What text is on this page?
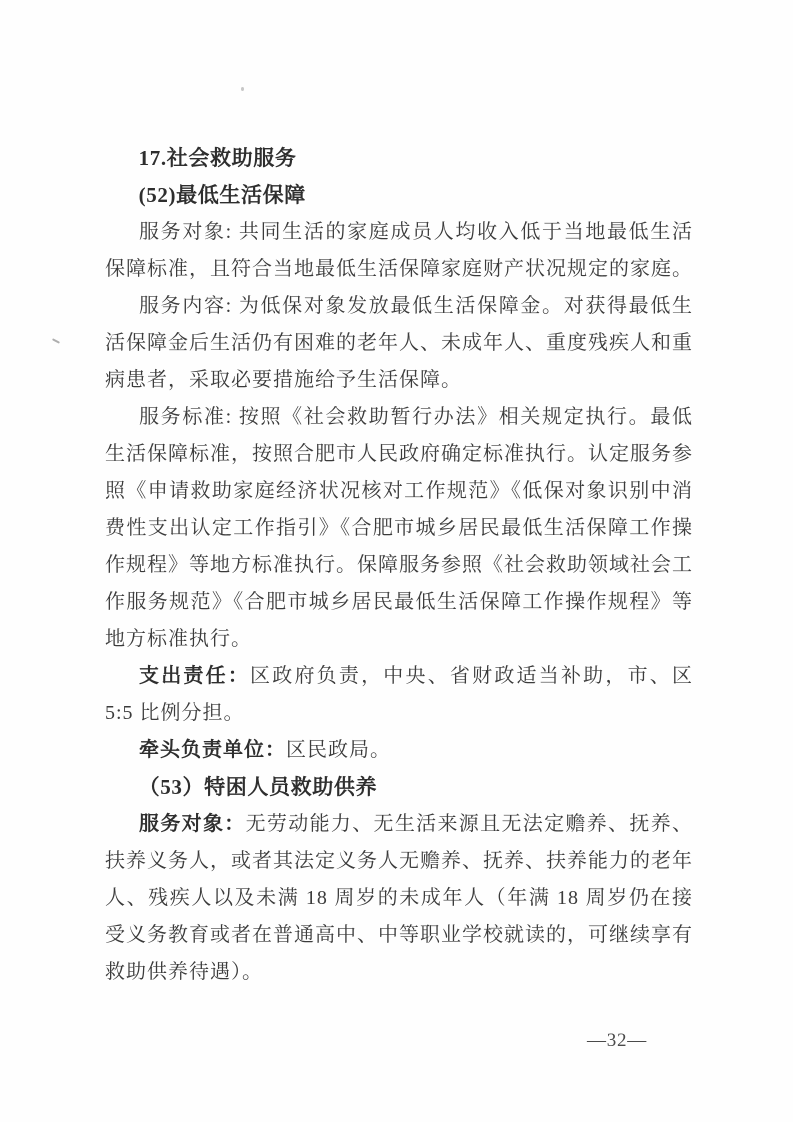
17.社会救助服务
(52)最低生活保障

服务对象: 共同生活的家庭成员人均收入低于当地最低生活保障标准，且符合当地最低生活保障家庭财产状况规定的家庭。

服务内容: 为低保对象发放最低生活保障金。对获得最低生活保障金后生活仍有困难的老年人、未成年人、重度残疾人和重病患者，采取必要措施给予生活保障。

服务标准: 按照《社会救助暂行办法》相关规定执行。最低生活保障标准，按照合肥市人民政府确定标准执行。认定服务参照《申请救助家庭经济状况核对工作规范》《低保对象识别中消费性支出认定工作指引》《合肥市城乡居民最低生活保障工作操作规程》等地方标准执行。保障服务参照《社会救助领域社会工作服务规范》《合肥市城乡居民最低生活保障工作操作规程》等地方标准执行。

支出责任：区政府负责，中央、省财政适当补助，市、区 5:5 比例分担。

牵头负责单位：区民政局。

（53）特困人员救助供养

服务对象：无劳动能力、无生活来源且无法定赡养、抚养、扶养义务人，或者其法定义务人无赡养、抚养、扶养能力的老年人、残疾人以及未满 18 周岁的未成年人（年满 18 周岁仍在接受义务教育或者在普通高中、中等职业学校就读的，可继续享有救助供养待遇）。

—32—
